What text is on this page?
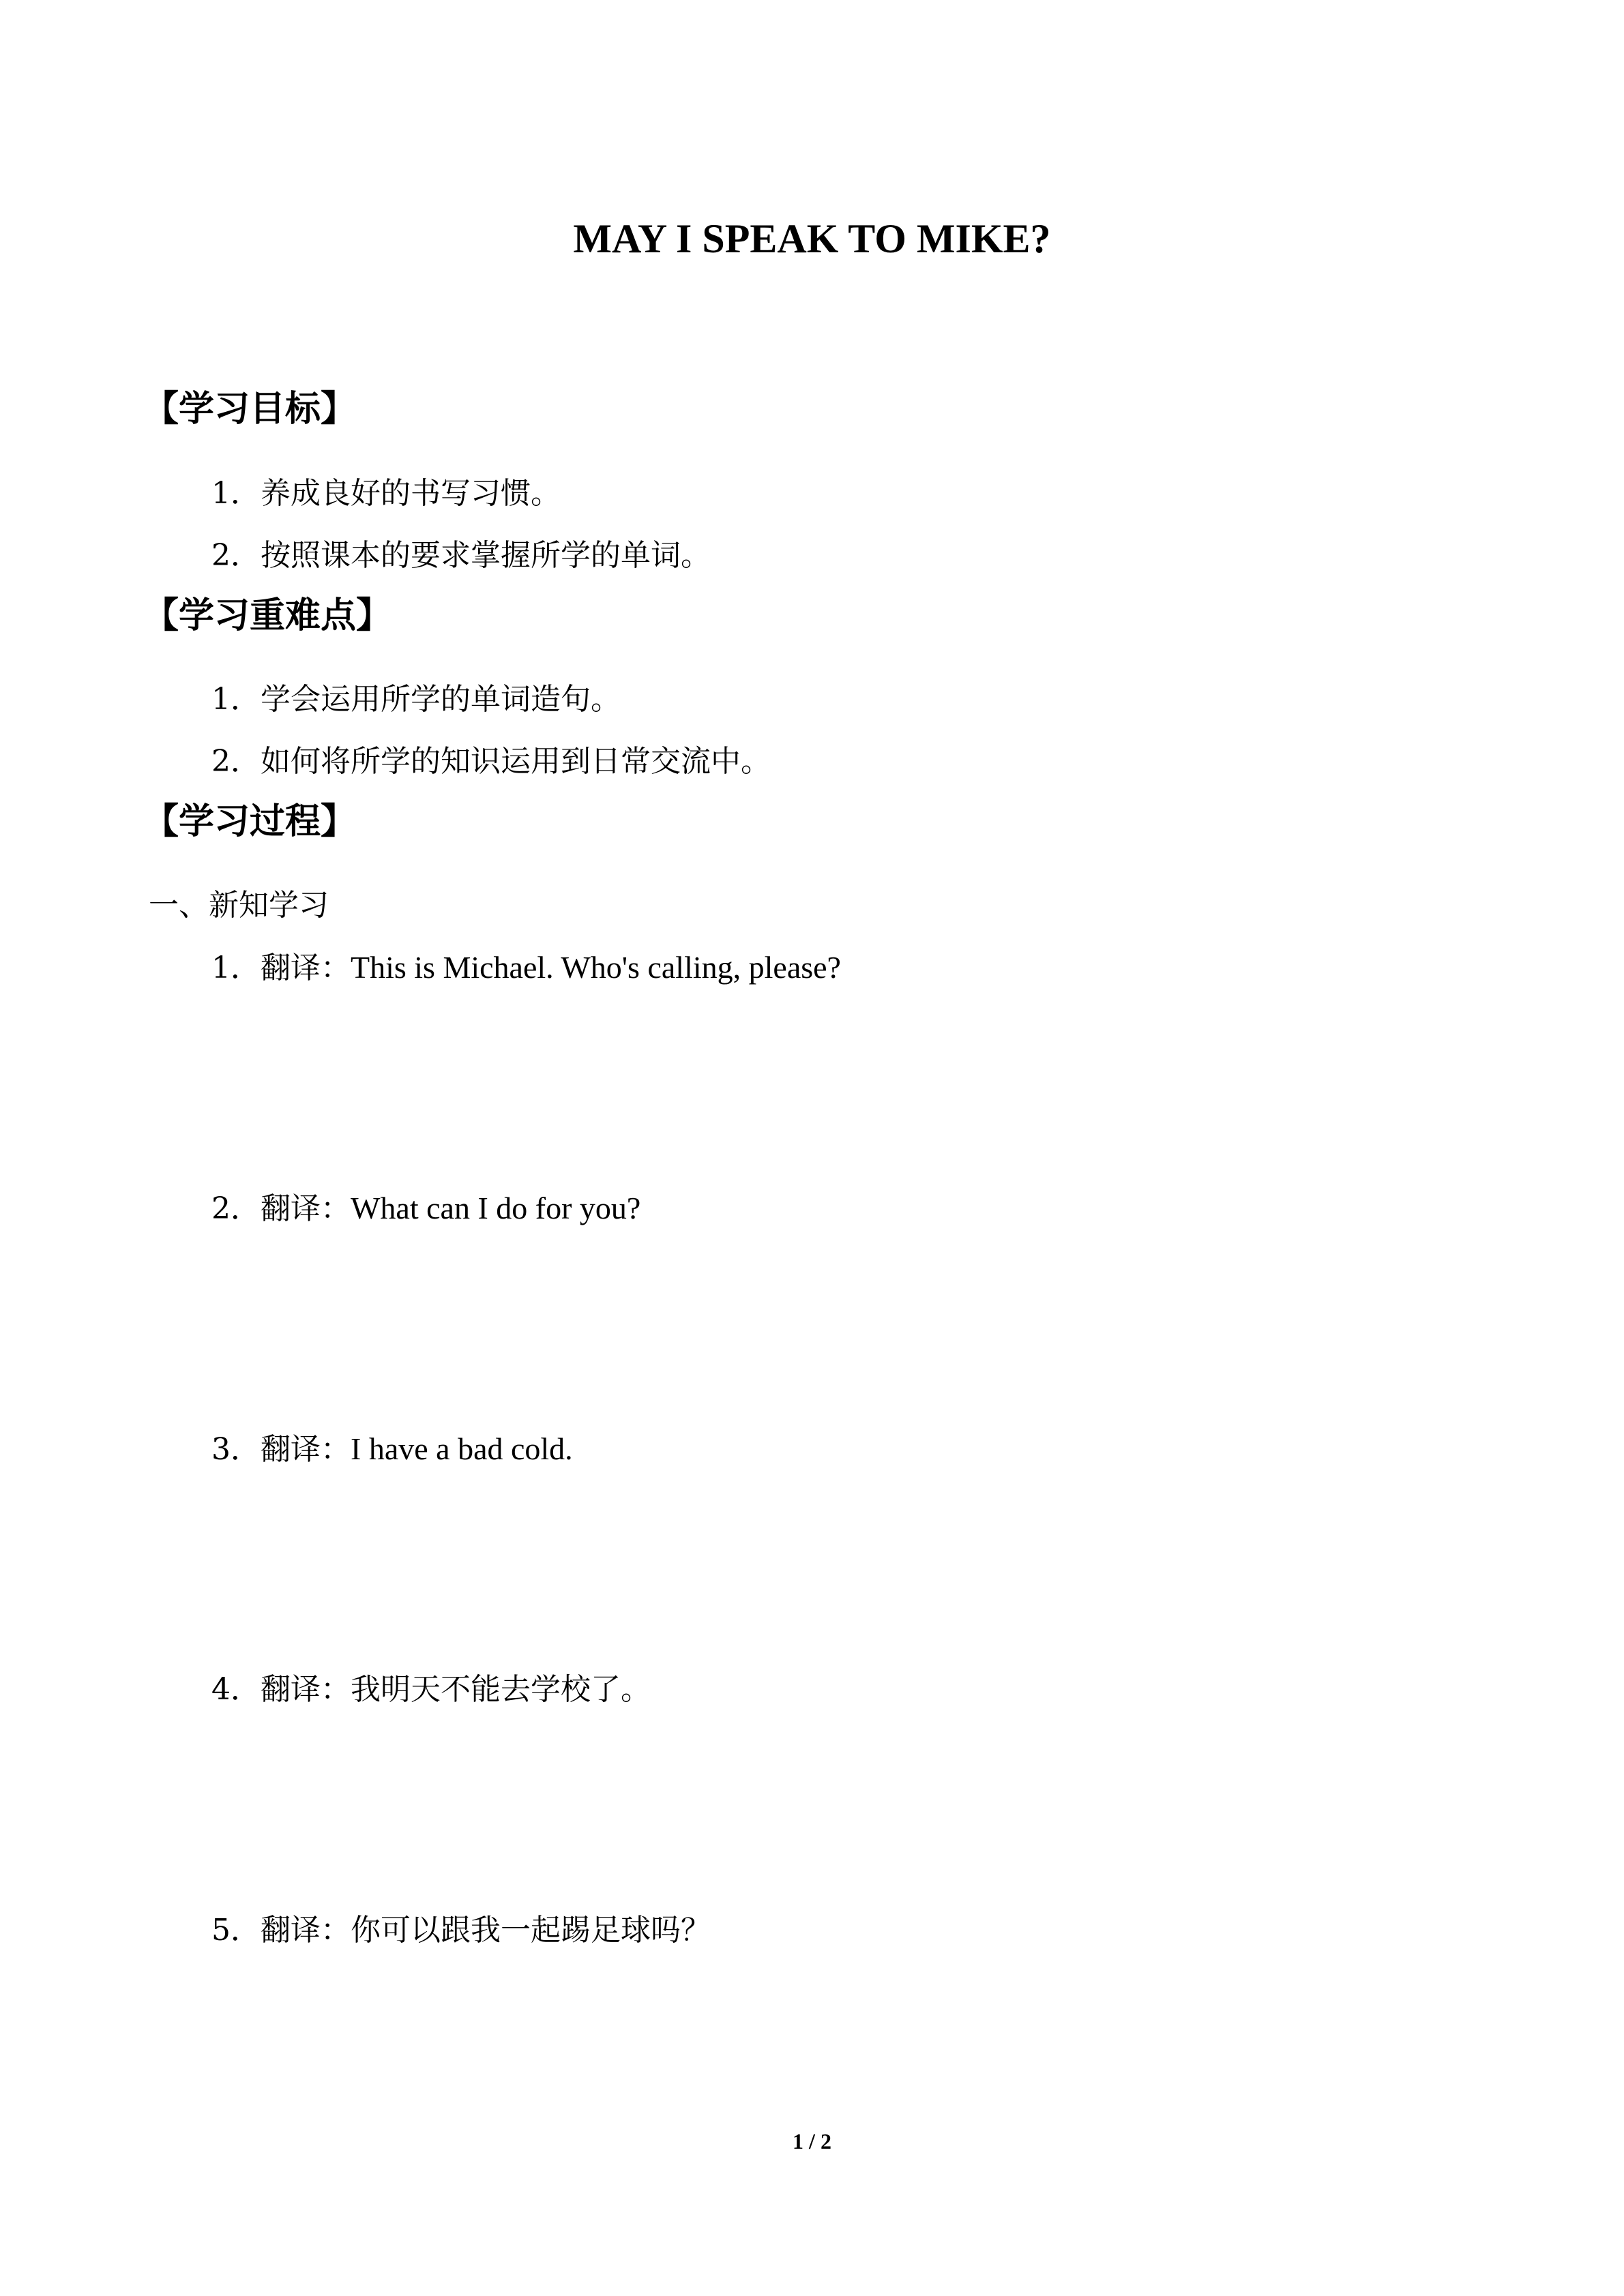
MAY I SPEAK TO MIKE?
【学习目标】
1．养成良好的书写习惯。
2．按照课本的要求掌握所学的单词。
【学习重难点】
1．学会运用所学的单词造句。
2．如何将所学的知识运用到日常交流中。
【学习过程】
一、新知学习
1．翻译：This is Michael. Who's calling, please?
2．翻译：What can I do for you?
3．翻译：I have a bad cold.
4．翻译：我明天不能去学校了。
5．翻译：你可以跟我一起踢足球吗？
1 / 2
